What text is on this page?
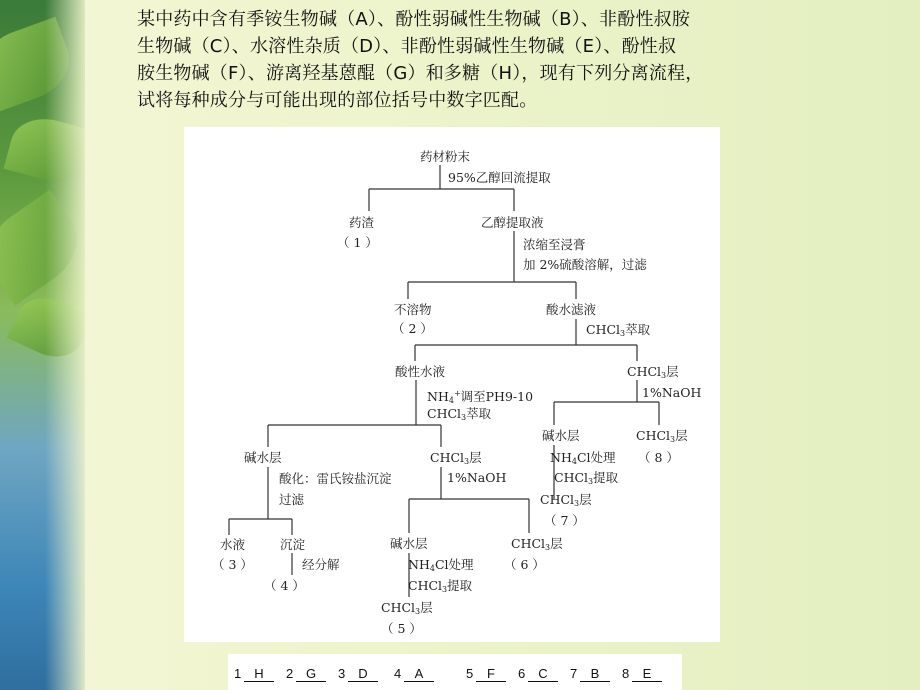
某中药中含有季铵生物碱（A）、酚性弱碱性生物碱（B）、非酚性叔胺

生物碱（C）、水溶性杂质（D）、非酚性弱碱性生物碱（E）、酚性叔

胺生物碱（F）、游离羟基蒽醌（G）和多糖（H），现有下列分离流程，

试将每种成分与可能出现的部位括号中数字匹配。

药材粉末
95%乙醇回流提取
药渣
（ 1 ）
乙醇提取液
浓缩至浸膏
加 2%硫酸溶解，过滤
不溶物
（ 2 ）
酸水滤液
CHCl$_3$萃取
酸性水液
$NH_4^+$调至PH9-10
CHCl$_3$萃取
CHCl$_3$层
1%NaOH
碱水层
$NH_4Cl$处理
CHCl$_3$提取
CHCl$_3$层
（ 7 ）
CHCl$_3$层
（ 8 ）
碱水层
酸化：雷氏铵盐沉淀
过滤
CHCl$_3$层
1%NaOH
水液
（ 3 ）
沉淀
经分解
（ 4 ）
碱水层
$NH_4Cl$处理
CHCl$_3$提取
CHCl$_3$层
（ 5 ）
CHCl$_3$层
（ 6 ）
1 H	2 G	3 D	4 A	5 F	6 C	7 B	8 E
